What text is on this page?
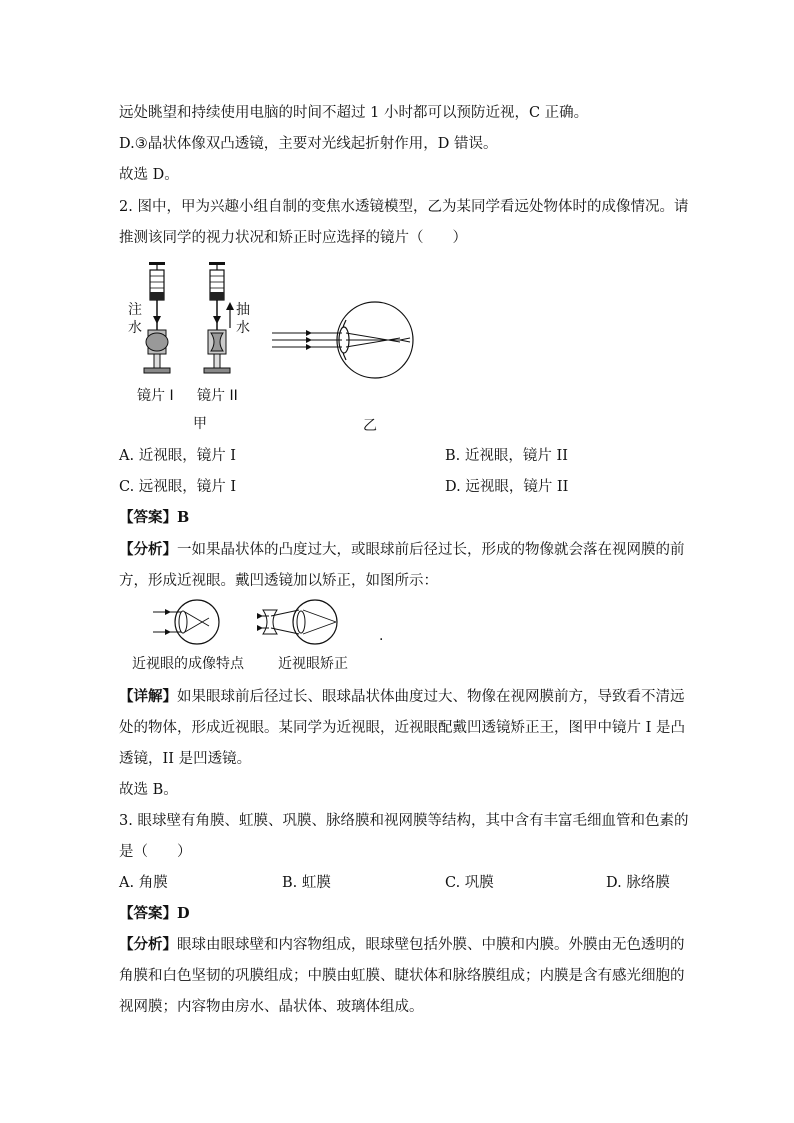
远处眺望和持续使用电脑的时间不超过 1 小时都可以预防近视，C 正确。
D.③晶状体像双凸透镜，主要对光线起折射作用，D 错误。
故选 D。
2. 图中，甲为兴趣小组自制的变焦水透镜模型，乙为某同学看远处物体时的成像情况。请
推测该同学的视力状况和矫正时应选择的镜片（　　）
注
水
抽
水
镜片 I 镜片 II
甲	乙
A. 近视眼，镜片 I	B. 近视眼，镜片 II
C. 远视眼，镜片 I	D. 远视眼，镜片 II
【答案】B
【分析】一如果晶状体的凸度过大，或眼球前后径过长，形成的物像就会落在视网膜的前
方，形成近视眼。戴凹透镜加以矫正，如图所示：
.
近视眼的成像特点 近视眼矫正
【详解】如果眼球前后径过长、眼球晶状体曲度过大、物像在视网膜前方，导致看不清远
处的物体，形成近视眼。某同学为近视眼，近视眼配戴凹透镜矫正王，图甲中镜片 I 是凸
透镜，II 是凹透镜。
故选 B。
3. 眼球壁有角膜、虹膜、巩膜、脉络膜和视网膜等结构，其中含有丰富毛细血管和色素的
是（　　）
A. 角膜	B. 虹膜	C. 巩膜	D. 脉络膜
【答案】D
【分析】眼球由眼球壁和内容物组成，眼球壁包括外膜、中膜和内膜。外膜由无色透明的
角膜和白色坚韧的巩膜组成；中膜由虹膜、睫状体和脉络膜组成；内膜是含有感光细胞的
视网膜；内容物由房水、晶状体、玻璃体组成。
